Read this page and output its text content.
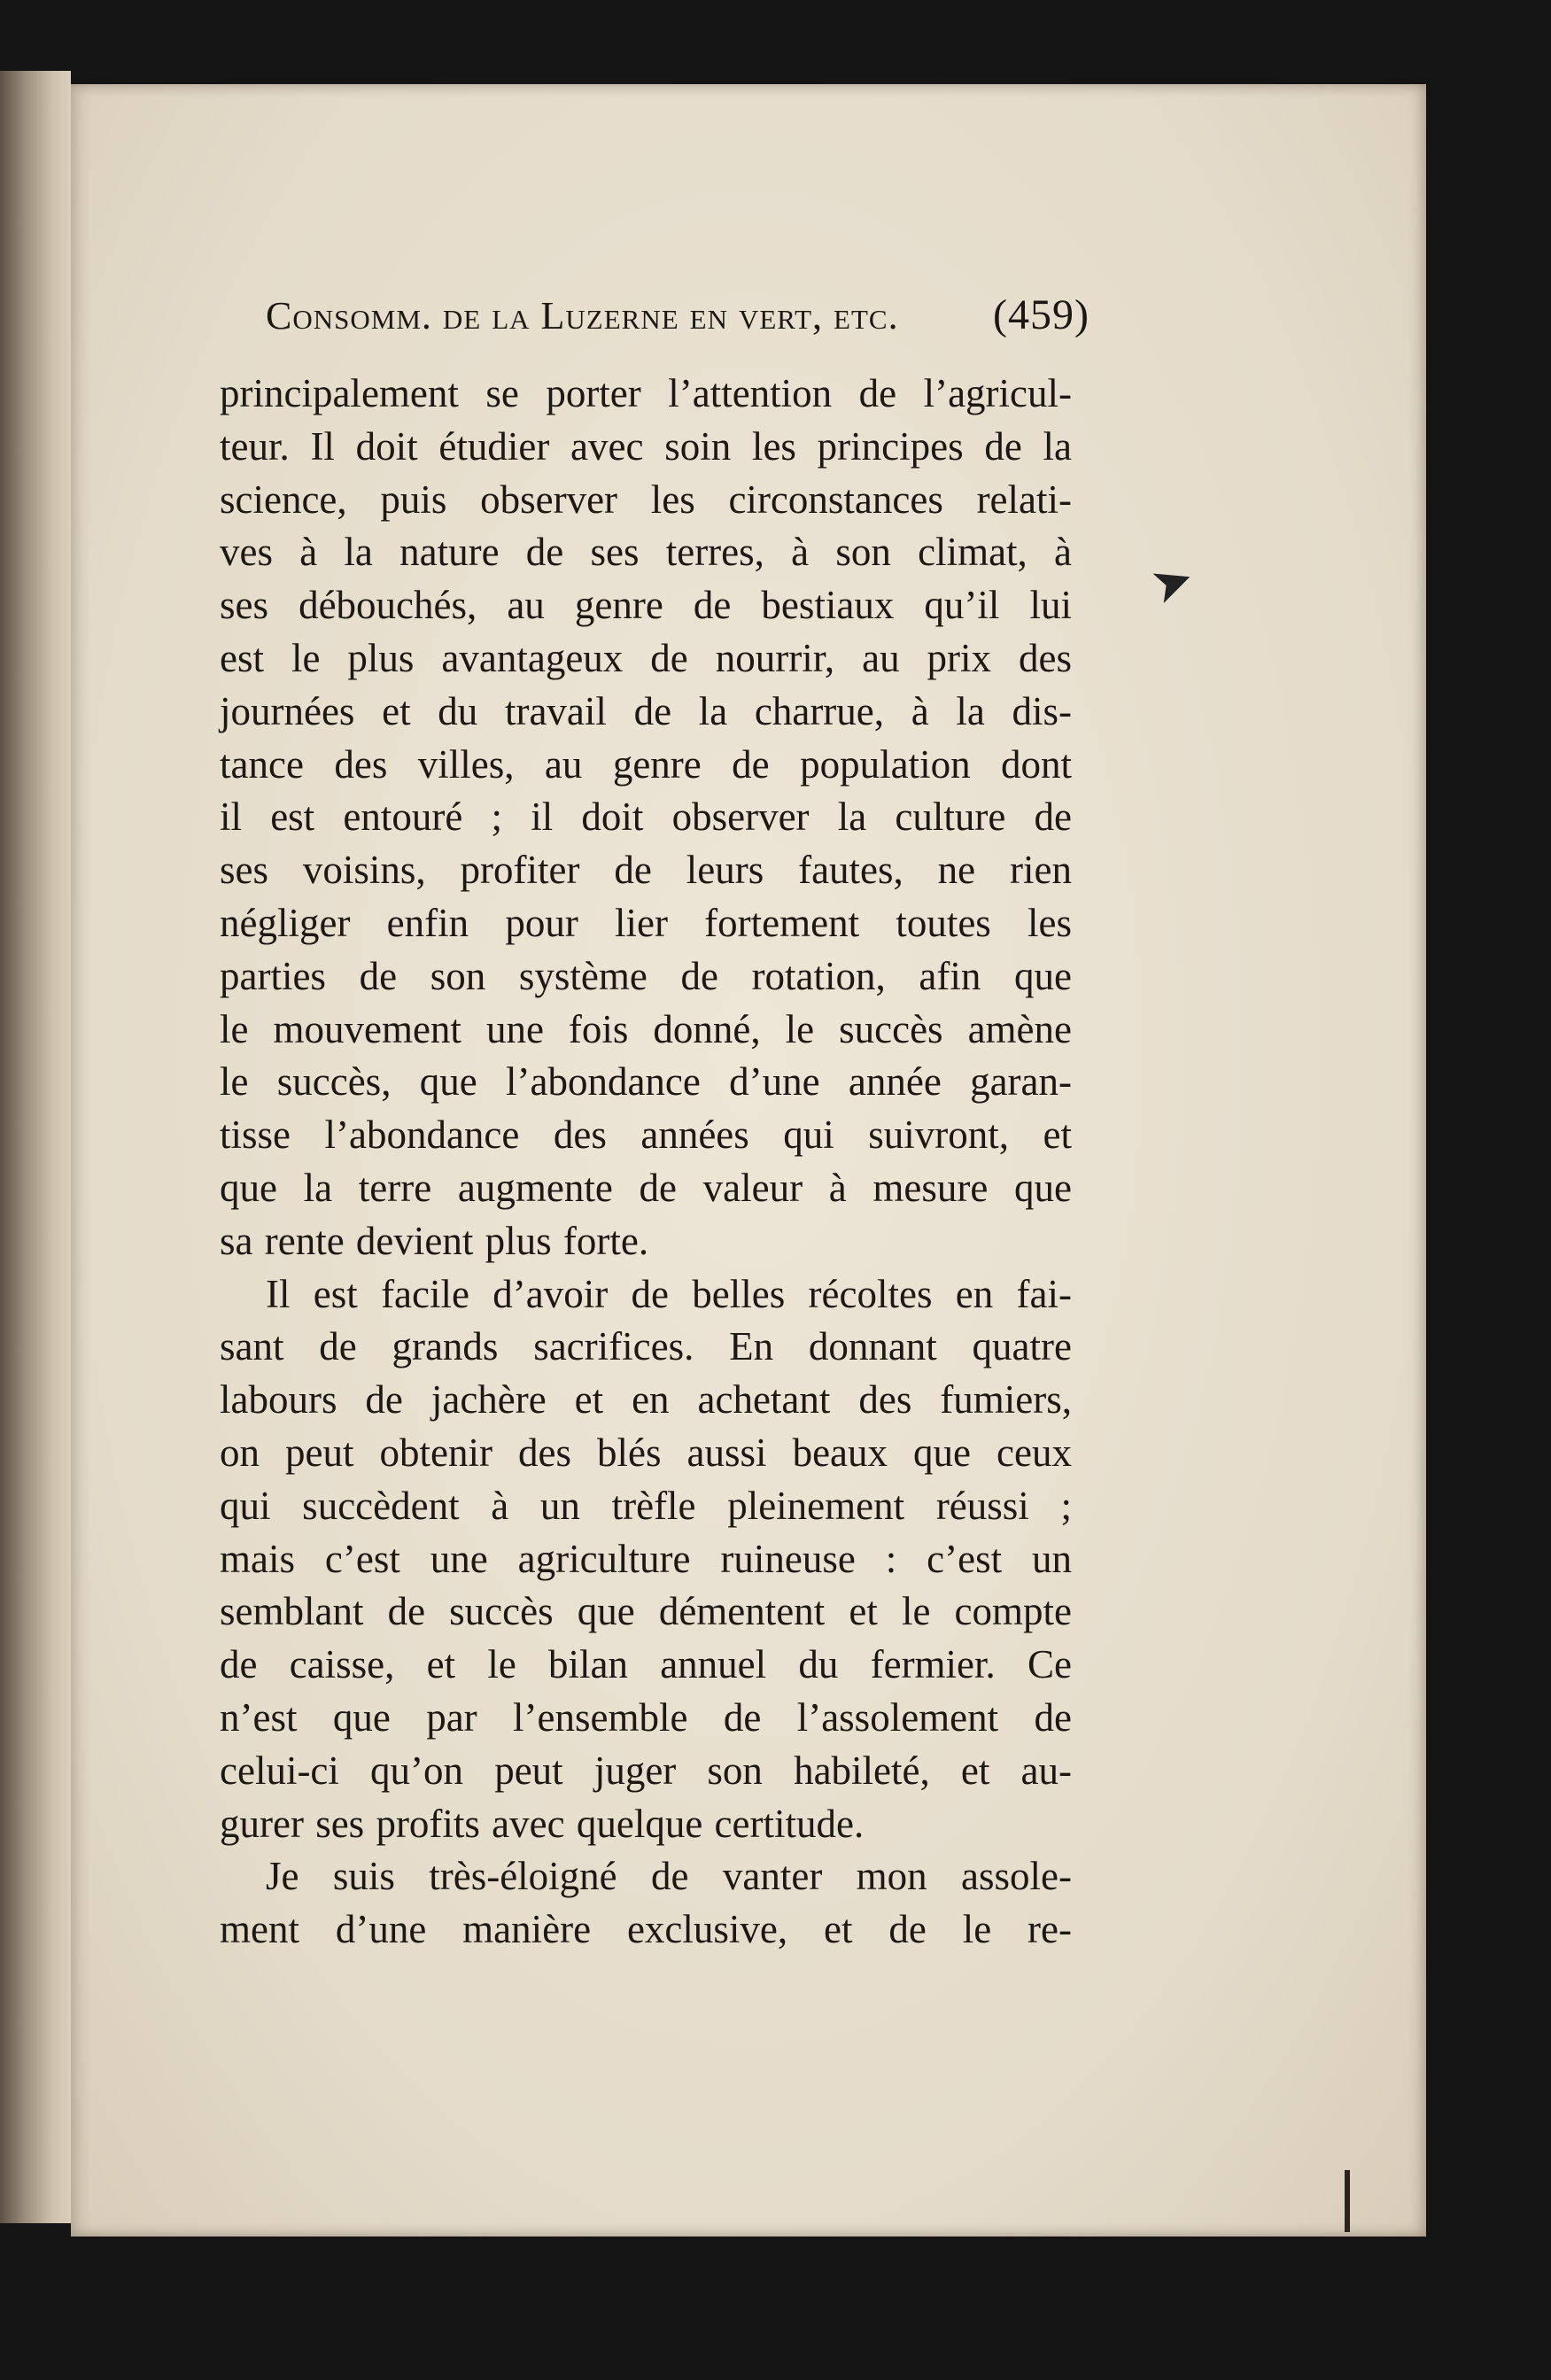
Consomm. de la Luzerne en vert, etc. (459)
principalement se porter l’attention de l’agricul-
teur. Il doit étudier avec soin les principes de la
science, puis observer les circonstances relati-
ves à la nature de ses terres, à son climat, à
ses débouchés, au genre de bestiaux qu’il lui
est le plus avantageux de nourrir, au prix des
journées et du travail de la charrue, à la dis-
tance des villes, au genre de population dont
il est entouré ; il doit observer la culture de
ses voisins, profiter de leurs fautes, ne rien
négliger enfin pour lier fortement toutes les
parties de son système de rotation, afin que
le mouvement une fois donné, le succès amène
le succès, que l’abondance d’une année garan-
tisse l’abondance des années qui suivront, et
que la terre augmente de valeur à mesure que
sa rente devient plus forte.
Il est facile d’avoir de belles récoltes en fai-
sant de grands sacrifices. En donnant quatre
labours de jachère et en achetant des fumiers,
on peut obtenir des blés aussi beaux que ceux
qui succèdent à un trèfle pleinement réussi ;
mais c’est une agriculture ruineuse : c’est un
semblant de succès que démentent et le compte
de caisse, et le bilan annuel du fermier. Ce
n’est que par l’ensemble de l’assolement de
celui-ci qu’on peut juger son habileté, et au-
gurer ses profits avec quelque certitude.
Je suis très-éloigné de vanter mon assole-
ment d’une manière exclusive, et de le re-
➤
